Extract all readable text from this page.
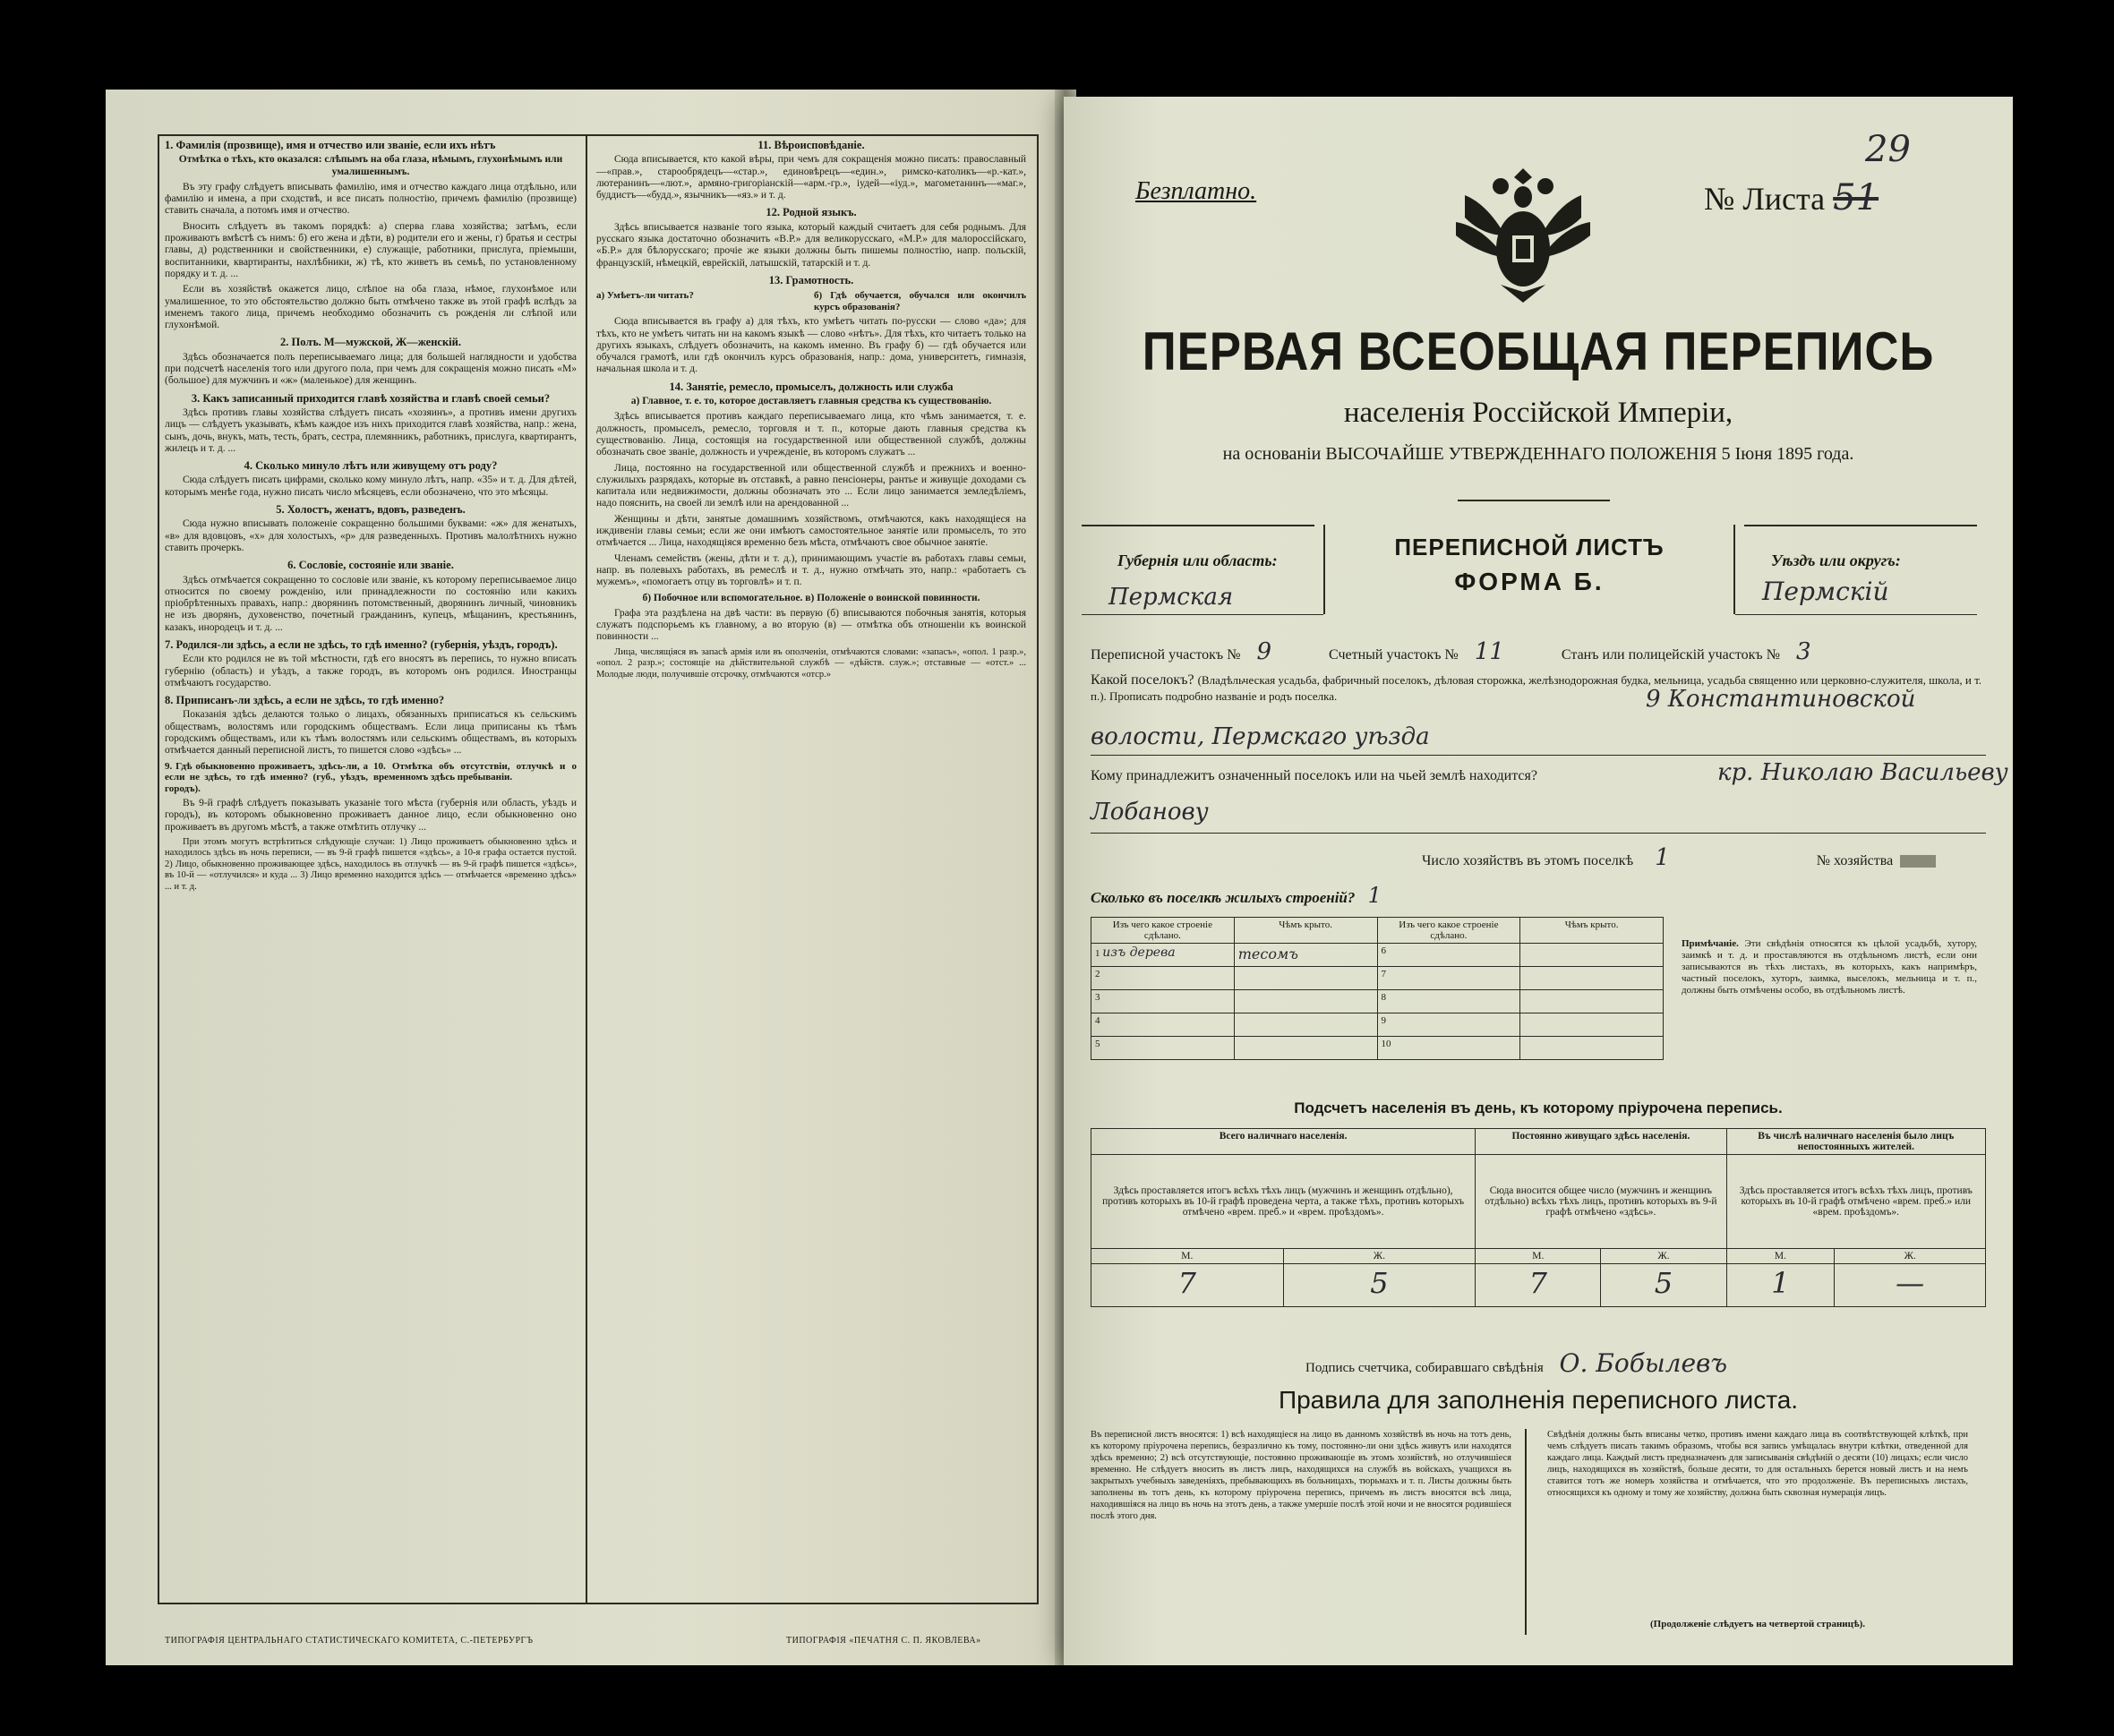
1. Фамилія (прозвище), имя и отчество или званіе, если ихъ нѣтъ
Отмѣтка о тѣхъ, кто оказался: слѣпымъ на оба глаза, нѣмымъ, глухонѣмымъ или умалишеннымъ.

Въ эту графу слѣдуетъ вписывать фамилію, имя и отчество каждаго лица отдѣльно, или фамилію и имена, а при сходствѣ, и все писать полностію, причемъ фамилію (прозвище) ставить сначала, а потомъ имя и отчество.

Вносить слѣдуетъ въ такомъ порядкѣ: а) сперва глава хозяйства; затѣмъ, если проживаютъ вмѣстѣ съ нимъ: б) его жена и дѣти, в) родители его и жены, г) братья и сестры главы, д) родственники и свойственники, е) служащіе, работники, прислуга, пріемыши, воспитанники, квартиранты, нахлѣбники, ж) тѣ, кто живетъ въ семьѣ, по установленному порядку и т. д. ...

Если въ хозяйствѣ окажется лицо, слѣпое на оба глаза, нѣмое, глухонѣмое или умалишенное, то это обстоятельство должно быть отмѣчено также въ этой графѣ вслѣдъ за именемъ такого лица, причемъ необходимо обозначить съ рожденія ли слѣпой или глухонѣмой.

2. Полъ. М—мужской, Ж—женскій.

Здѣсь обозначается полъ переписываемаго лица; для большей наглядности и удобства при подсчетѣ населенія того или другого пола, при чемъ для сокращенія можно писать «М» (большое) для мужчинъ и «ж» (маленькое) для женщинъ.

3. Какъ записанный приходится главѣ хозяйства и главѣ своей семьи?

Здѣсь противъ главы хозяйства слѣдуетъ писать «хозяинъ», а противъ имени другихъ лицъ — слѣдуетъ указывать, кѣмъ каждое изъ нихъ приходится главѣ хозяйства, напр.: жена, сынъ, дочь, внукъ, мать, тесть, братъ, сестра, племянникъ, работникъ, прислуга, квартирантъ, жилецъ и т. д. ...

4. Сколько минуло лѣтъ или живущему отъ роду?

Сюда слѣдуетъ писать цифрами, сколько кому минуло лѣтъ, напр. «35» и т. д. Для дѣтей, которымъ менѣе года, нужно писать число мѣсяцевъ, если обозначено, что это мѣсяцы.

5. Холостъ, женатъ, вдовъ, разведенъ.

Сюда нужно вписывать положеніе сокращенно большими буквами: «ж» для женатыхъ, «в» для вдовцовъ, «х» для холостыхъ, «р» для разведенныхъ. Противъ малолѣтнихъ нужно ставить прочеркъ.

6. Сословіе, состояніе или званіе.

Здѣсь отмѣчается сокращенно то сословіе или званіе, къ которому переписываемое лицо относится по своему рожденію, или принадлежности по состоянію или какихъ пріобрѣтенныхъ правахъ, напр.: дворянинъ потомственный, дворянинъ личный, чиновникъ не изъ дворянъ, духовенство, почетный гражданинъ, купецъ, мѣщанинъ, крестьянинъ, казакъ, инородецъ и т. д. ...

7. Родился-ли здѣсь, а если не здѣсь, то гдѣ именно? (губернія, уѣздъ, городъ).

Если кто родился не въ той мѣстности, гдѣ его вносятъ въ перепись, то нужно вписать губернію (область) и уѣздъ, а также городъ, въ которомъ онъ родился. Иностранцы отмѣчаютъ государство.

8. Приписанъ-ли здѣсь, а если не здѣсь, то гдѣ именно?

Показанія здѣсь делаются только о лицахъ, обязанныхъ приписаться къ сельскимъ обществамъ, волостямъ или городскимъ обществамъ. Если лица приписаны къ тѣмъ городскимъ обществамъ, или къ тѣмъ волостямъ или сельскимъ обществамъ, въ которыхъ отмѣчается данный переписной листъ, то пишется слово «здѣсь» ...

9. Гдѣ обыкновенно проживаетъ, здѣсь-ли, а если не здѣсь, то гдѣ именно? (губ., уѣздъ, городъ).
10. Отмѣтка объ отсутствіи, отлучкѣ и о временномъ здѣсь пребываніи.

Въ 9-й графѣ слѣдуетъ показывать указаніе того мѣста (губернія или область, уѣздъ и городъ), въ которомъ обыкновенно проживаетъ данное лицо, если обыкновенно оно проживаетъ въ другомъ мѣстѣ, а также отмѣтить отлучку ...

При этомъ могутъ встрѣтиться слѣдующіе случаи: 1) Лицо проживаетъ обыкновенно здѣсь и находилось здѣсь въ ночь переписи, — въ 9-й графѣ пишется «здѣсь», а 10-я графа остается пустой. 2) Лицо, обыкновенно проживающее здѣсь, находилось въ отлучкѣ — въ 9-й графѣ пишется «здѣсь», въ 10-й — «отлучился» и куда ... 3) Лицо временно находится здѣсь — отмѣчается «временно здѣсь» ... и т. д.

ТИПОГРАФІЯ ЦЕНТРАЛЬНАГО СТАТИСТИЧЕСКАГО КОМИТЕТА, С.-ПЕТЕРБУРГЪ
11. Вѣроисповѣданіе.

Сюда вписывается, кто какой вѣры, при чемъ для сокращенія можно писать: православный—«прав.», старообрядецъ—«стар.», единовѣрецъ—«един.», римско-католикъ—«р.-кат.», лютеранинъ—«лют.», армяно-григоріанскій—«арм.-гр.», іудей—«іуд.», магометанинъ—«маг.», буддистъ—«будд.», язычникъ—«яз.» и т. д.

12. Родной языкъ.

Здѣсь вписывается названіе того языка, который каждый считаетъ для себя роднымъ. Для русскаго языка достаточно обозначить «В.Р.» для великорусскаго, «М.Р.» для малороссійскаго, «Б.Р.» для бѣлорусскаго; прочіе же языки должны быть пишемы полностію, напр. польскій, французскій, нѣмецкій, еврейскій, латышскій, татарскій и т. д.

13. Грамотность.
а) Умѣетъ-ли читать?	б) Гдѣ обучается, обучался или окончилъ курсъ образованія?

Сюда вписывается въ графу а) для тѣхъ, кто умѣетъ читать по-русски — слово «да»; для тѣхъ, кто не умѣетъ читать ни на какомъ языкѣ — слово «нѣтъ». Для тѣхъ, кто читаетъ только на другихъ языкахъ, слѣдуетъ обозначить, на какомъ именно. Въ графу б) — гдѣ обучается или обучался грамотѣ, или гдѣ окончилъ курсъ образованія, напр.: дома, университетъ, гимназія, начальная школа и т. д.

14. Занятіе, ремесло, промыселъ, должность или служба
а) Главное, т. е. то, которое доставляетъ главныя средства къ существованію.

Здѣсь вписывается противъ каждаго переписываемаго лица, кто чѣмъ занимается, т. е. должность, промыселъ, ремесло, торговля и т. п., которые дають главныя средства къ существованію. Лица, состоящія на государственной или общественной службѣ, должны обозначать свое званіе, должность и учрежденіе, въ которомъ служатъ ...

Лица, постоянно на государственной или общественной службѣ и прежнихъ и военно-служилыхъ разрядахъ, которые въ отставкѣ, а равно пенсіонеры, рантье и живущіе доходами съ капитала или недвижимости, должны обозначать это ... Если лицо занимается земледѣліемъ, надо пояснить, на своей ли землѣ или на арендованной ...

Женщины и дѣти, занятые домашнимъ хозяйствомъ, отмѣчаются, какъ находящіеся на иждивеніи главы семьи; если же они имѣютъ самостоятельное занятіе или промыселъ, то это отмѣчается ... Лица, находящіяся временно безъ мѣста, отмѣчаютъ свое обычное занятіе.

Членамъ семействъ (жены, дѣти и т. д.), принимающимъ участіе въ работахъ главы семьи, напр. въ полевыхъ работахъ, въ ремеслѣ и т. д., нужно отмѣчать это, напр.: «работаетъ съ мужемъ», «помогаетъ отцу въ торговлѣ» и т. п.

б) Побочное или вспомогательное. в) Положеніе о воинской повинности.

Графа эта раздѣлена на двѣ части: въ первую (б) вписываются побочныя занятія, которыя служатъ подспорьемъ къ главному, а во вторую (в) — отмѣтка объ отношеніи къ воинской повинности ...

Лица, числящіяся въ запасѣ армія или въ ополченіи, отмѣчаются словами: «запасъ», «опол. 1 разр.», «опол. 2 разр.»; состоящіе на дѣйствительной службѣ — «дѣйств. служ.»; отставные — «отст.» ... Молодые люди, получившіе отсрочку, отмѣчаются «отср.»

ТИПОГРАФІЯ «ПЕЧАТНЯ С. П. ЯКОВЛЕВА»
Безплатно.	№ Листа 51
29
ПЕРВАЯ ВСЕОБЩАЯ ПЕРЕПИСЬ
населенія Россійской Имперіи,
на основаніи ВЫСОЧАЙШЕ УТВЕРЖДЕННАГО ПОЛОЖЕНІЯ 5 Іюня 1895 года.
Губернія или область:
Пермская
ПЕРЕПИСНОЙ ЛИСТЪ
ФОРМА Б.
Уѣздъ или округъ:
Пермскій
Переписной участокъ № 9	Счетный участокъ № 11	Станъ или полицейскій участокъ № 3
Какой поселокъ? (Владѣльческая усадьба, фабричный поселокъ, дѣловая сторожка, желѣзнодорожная будка, мельница, усадьба священно или церковно-служителя, школа, и т. п.). Прописать подробно названіе и родъ поселка.	9 Константиновской
волости, Пермскаго уѣзда
Кому принадлежитъ означенный поселокъ или на чьей землѣ находится?	кр. Николаю Васильеву
Лобанову
Число хозяйствъ въ этомъ поселкѣ 1	№ хозяйства
Сколько въ поселкѣ жилыхъ строеній? 1
Изъ чего какое строеніе сдѣлано.	Чѣмъ крыто.	Изъ чего какое строеніе сдѣлано.	Чѣмъ крыто.
1 изъ дерева	тесомъ	6	
2		7	
3		8	
4		9	
5		10	
Примѣчаніе. Эти свѣдѣнія относятся къ цѣлой усадьбѣ, хутору, заимкѣ и т. д. и проставляются въ отдѣльномъ листѣ, если они записываются въ тѣхъ листахъ, въ которыхъ, какъ напримѣръ, частный поселокъ, хуторъ, заимка, выселокъ, мельница и т. п., должны быть отмѣчены особо, въ отдѣльномъ листѣ.
Подсчетъ населенія въ день, къ которому пріурочена перепись.
Всего наличнаго населенія.		Постоянно живущаго здѣсь населенія.		Въ числѣ наличнаго населенія было лицъ непостоянныхъ жителей.	
Здѣсь проставляется итогъ всѣхъ тѣхъ лицъ (мужчинъ и женщинъ отдѣльно), противъ которыхъ въ 10-й графѣ проведена черта, а также тѣхъ, противъ которыхъ отмѣчено «врем. преб.» и «врем. проѣздомъ».		Сюда вносится общее число (мужчинъ и женщинъ отдѣльно) всѣхъ тѣхъ лицъ, противъ которыхъ въ 9-й графѣ отмѣчено «здѣсь».		Здѣсь проставляется итогъ всѣхъ тѣхъ лицъ, противъ которыхъ въ 10-й графѣ отмѣчено «врем. преб.» или «врем. проѣздомъ».	
М.	Ж.	М.	Ж.	М.	Ж.
7	5	7	5	1	—
Подпись счетчика, собиравшаго свѣдѣнія О. Бобылевъ
Правила для заполненія переписного листа.
Въ переписной листъ вносятся: 1) всѣ находящіеся на лицо въ данномъ хозяйствѣ въ ночь на тотъ день, къ которому пріурочена перепись, безразлично къ тому, постоянно-ли они здѣсь живутъ или находятся здѣсь временно; 2) всѣ отсутствующіе, постоянно проживающіе въ этомъ хозяйствѣ, но отлучившіеся временно. Не слѣдуетъ вносить въ листъ лицъ, находящихся на службѣ въ войскахъ, учащихся въ закрытыхъ учебныхъ заведеніяхъ, пребывающихъ въ больницахъ, тюрьмахъ и т. п. Листы должны быть заполнены въ тотъ день, къ которому пріурочена перепись, причемъ въ листъ вносятся всѣ лица, находившіяся на лицо въ ночь на этотъ день, а также умершіе послѣ этой ночи и не вносятся родившіеся послѣ этого дня.
Свѣдѣнія должны быть вписаны четко, противъ имени каждаго лица въ соотвѣтствующей клѣткѣ, при чемъ слѣдуетъ писать такимъ образомъ, чтобы вся запись умѣщалась внутри клѣтки, отведенной для каждаго лица. Каждый листъ предназначенъ для записыванія свѣдѣній о десяти (10) лицахъ; если число лицъ, находящихся въ хозяйствѣ, больше десяти, то для остальныхъ берется новый листъ и на немъ ставится тотъ же номеръ хозяйства и отмѣчается, что это продолженіе. Въ переписныхъ листахъ, относящихся къ одному и тому же хозяйству, должна быть сквозная нумерація лицъ.
(Продолженіе слѣдуетъ на четвертой страницѣ).
